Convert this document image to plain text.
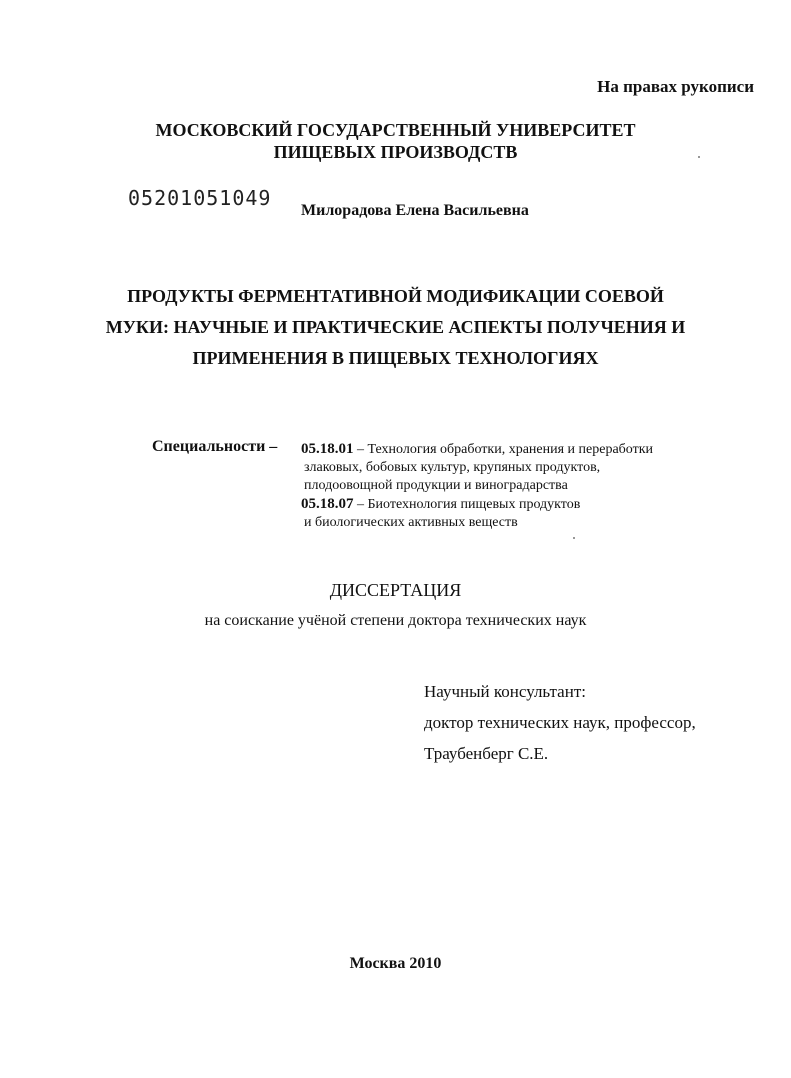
На правах рукописи
МОСКОВСКИЙ ГОСУДАРСТВЕННЫЙ УНИВЕРСИТЕТ
ПИЩЕВЫХ ПРОИЗВОДСТВ
05201051049
Милорадова Елена Васильевна
ПРОДУКТЫ ФЕРМЕНТАТИВНОЙ МОДИФИКАЦИИ СОЕВОЙ
МУКИ: НАУЧНЫЕ И ПРАКТИЧЕСКИЕ АСПЕКТЫ ПОЛУЧЕНИЯ И
ПРИМЕНЕНИЯ В ПИЩЕВЫХ ТЕХНОЛОГИЯХ
Специальности – 05.18.01 – Технология обработки, хранения и переработки
злаковых, бобовых культур, крупяных продуктов,
плодоовощной продукции и виноградарства
05.18.07 – Биотехнология пищевых продуктов
и биологических активных веществ
ДИССЕРТАЦИЯ
на соискание учёной степени доктора технических наук
Научный консультант:
доктор технических наук, профессор,
Траубенберг С.Е.
Москва 2010
